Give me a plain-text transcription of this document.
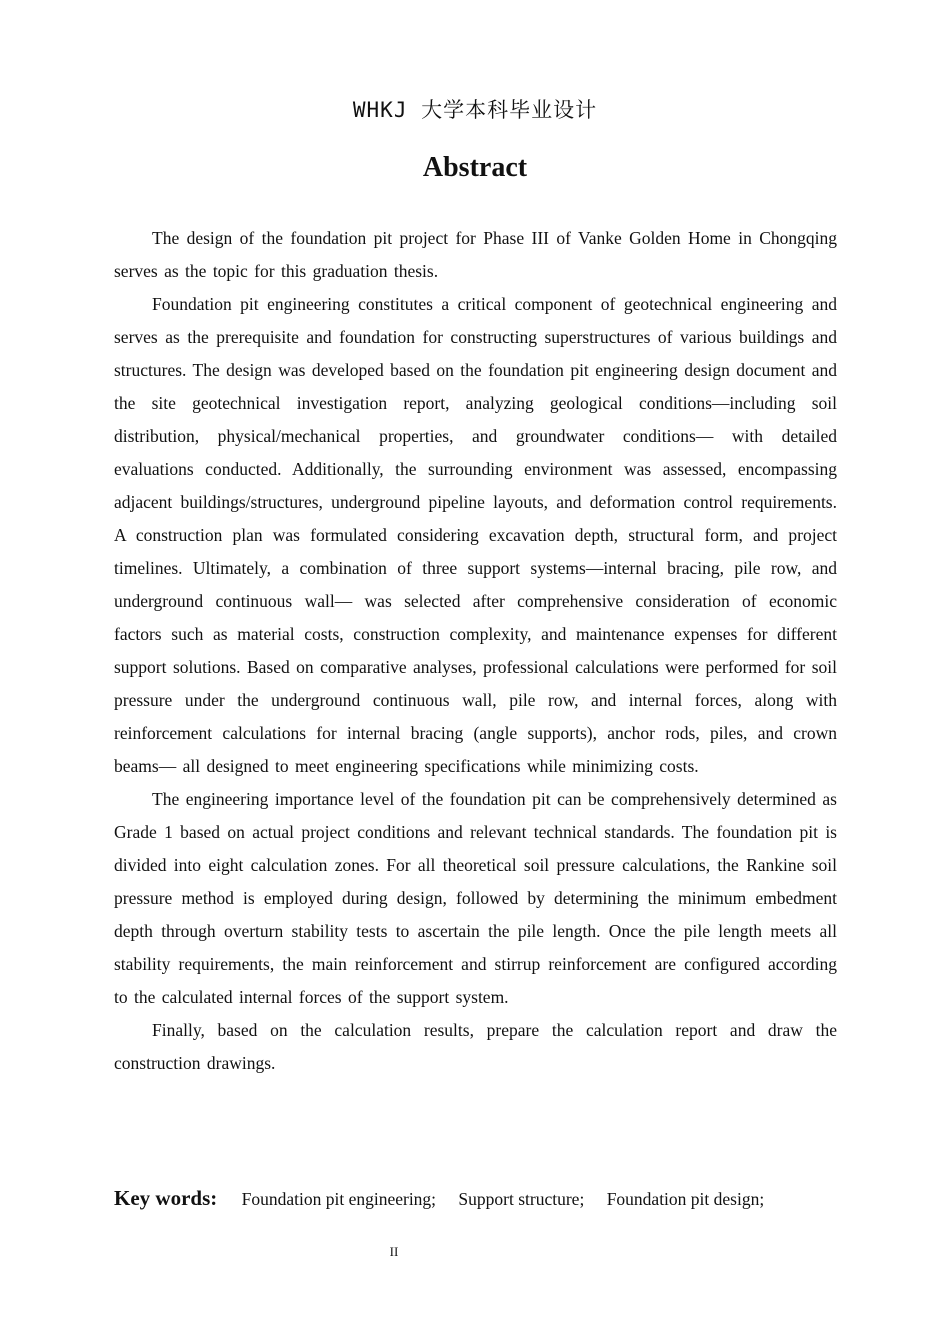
WHKJ 大学本科毕业设计
Abstract

The design of the foundation pit project for Phase III of Vanke Golden Home in Chongqing serves as the topic for this graduation thesis.

Foundation pit engineering constitutes a critical component of geotechnical engineering and serves as the prerequisite and foundation for constructing superstructures of various buildings and structures. The design was developed based on the foundation pit engineering design document and the site geotechnical investigation report, analyzing geological conditions—including soil distribution, physical/mechanical properties, and groundwater conditions— with detailed evaluations conducted. Additionally, the surrounding environment was assessed, encompassing adjacent buildings/structures, underground pipeline layouts, and deformation control requirements. A construction plan was formulated considering excavation depth, structural form, and project timelines. Ultimately, a combination of three support systems—internal bracing, pile row, and underground continuous wall— was selected after comprehensive consideration of economic factors such as material costs, construction complexity, and maintenance expenses for different support solutions. Based on comparative analyses, professional calculations were performed for soil pressure under the underground continuous wall, pile row, and internal forces, along with reinforcement calculations for internal bracing (angle supports), anchor rods, piles, and crown beams— all designed to meet engineering specifications while minimizing costs.

The engineering importance level of the foundation pit can be comprehensively determined as Grade 1 based on actual project conditions and relevant technical standards. The foundation pit is divided into eight calculation zones. For all theoretical soil pressure calculations, the Rankine soil pressure method is employed during design, followed by determining the minimum embedment depth through overturn stability tests to ascertain the pile length. Once the pile length meets all stability requirements, the main reinforcement and stirrup reinforcement are configured according to the calculated internal forces of the support system.

Finally, based on the calculation results, prepare the calculation report and draw the construction drawings.

Key words: Foundation pit engineering; Support structure; Foundation pit design;
II
